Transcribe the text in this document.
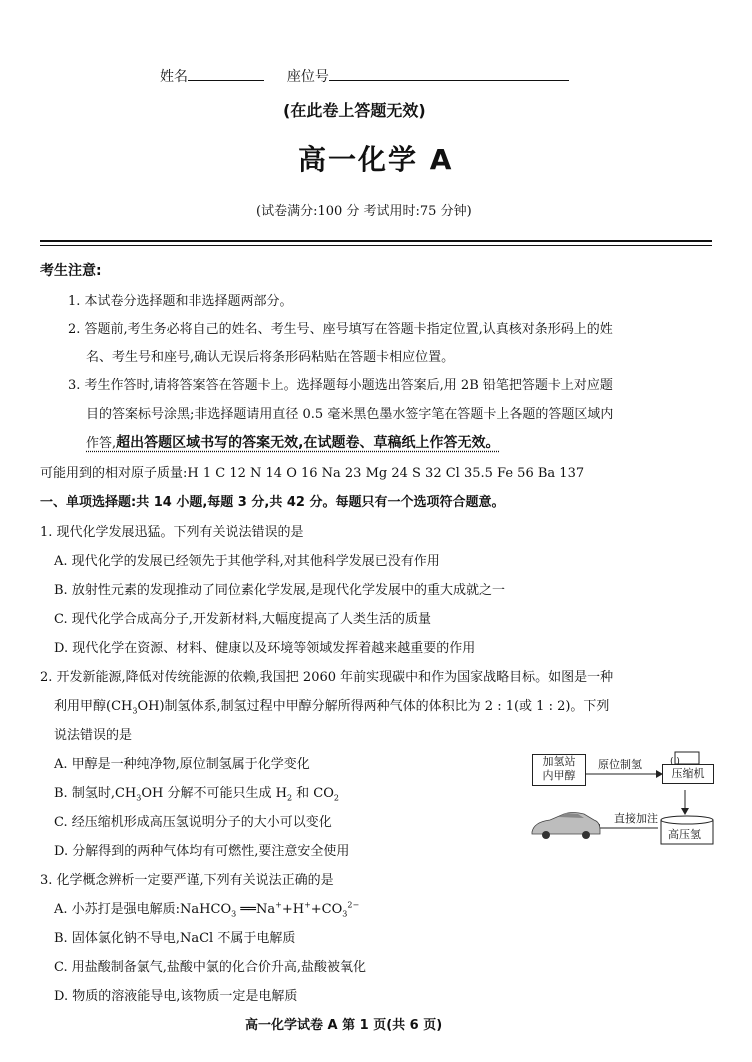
姓名	座位号
(在此卷上答题无效)
高一化学 A
(试卷满分:100 分 考试用时:75 分钟)
考生注意:
1. 本试卷分选择题和非选择题两部分。
2. 答题前,考生务必将自己的姓名、考生号、座号填写在答题卡指定位置,认真核对条形码上的姓
名、考生号和座号,确认无误后将条形码粘贴在答题卡相应位置。
3. 考生作答时,请将答案答在答题卡上。选择题每小题选出答案后,用 2B 铅笔把答题卡上对应题
目的答案标号涂黑;非选择题请用直径 0.5 毫米黑色墨水签字笔在答题卡上各题的答题区域内
作答,超出答题区域书写的答案无效,在试题卷、草稿纸上作答无效。
可能用到的相对原子质量:H 1 C 12 N 14 O 16 Na 23 Mg 24 S 32 Cl 35.5 Fe 56 Ba 137
一、单项选择题:共 14 小题,每题 3 分,共 42 分。每题只有一个选项符合题意。
1. 现代化学发展迅猛。下列有关说法错误的是
A. 现代化学的发展已经领先于其他学科,对其他科学发展已没有作用
B. 放射性元素的发现推动了同位素化学发展,是现代化学发展中的重大成就之一
C. 现代化学合成高分子,开发新材料,大幅度提高了人类生活的质量
D. 现代化学在资源、材料、健康以及环境等领域发挥着越来越重要的作用
2. 开发新能源,降低对传统能源的依赖,我国把 2060 年前实现碳中和作为国家战略目标。如图是一种
利用甲醇$(CH_3OH)$制氢体系,制氢过程中甲醇分解所得两种气体的体积比为 2 : 1(或 1 : 2)。下列
说法错误的是
A. 甲醇是一种纯净物,原位制氢属于化学变化
B. 制氢时$,CH_3OH$ 分解不可能只生成 $H_2$ 和 $CO_2$
C. 经压缩机形成高压氢说明分子的大小可以变化
D. 分解得到的两种气体均有可燃性,要注意安全使用
加氢站
内甲醇
原位制氢
压缩机
( )
直接加注
高压氢
3. 化学概念辨析一定要严谨,下列有关说法正确的是
A. 小苏打是强电解质:NaHCO$_3$ $══Na^++H^++CO_3^{2-}$
B. 固体氯化钠不导电,NaCl 不属于电解质
C. 用盐酸制备氯气,盐酸中氯的化合价升高,盐酸被氧化
D. 物质的溶液能导电,该物质一定是电解质
高一化学试卷 A 第 1 页(共 6 页)
